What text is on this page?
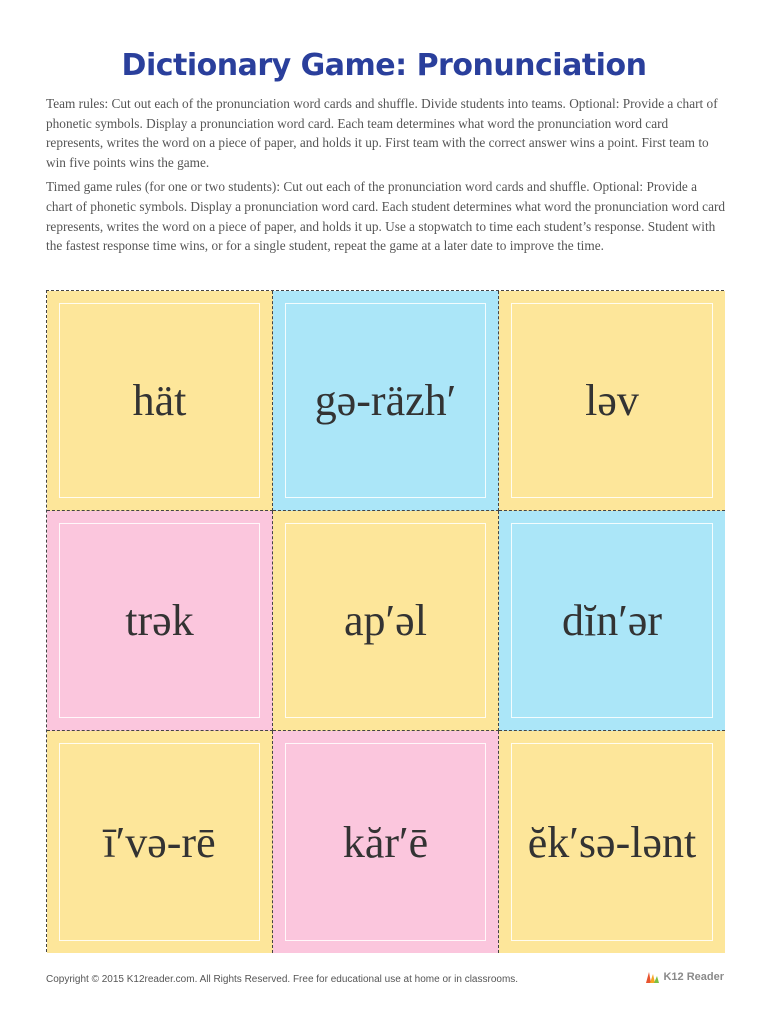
Dictionary Game: Pronunciation

Team rules: Cut out each of the pronunciation word cards and shuffle. Divide students into teams. Optional: Provide a chart of phonetic symbols. Display a pronunciation word card. Each team determines what word the pronunciation word card represents, writes the word on a piece of paper, and holds it up. First team with the correct answer wins a point. First team to win five points wins the game.

Timed game rules (for one or two students): Cut out each of the pronunciation word cards and shuffle. Optional: Provide a chart of phonetic symbols. Display a pronunciation word card. Each student determines what word the pronunciation word card represents, writes the word on a piece of paper, and holds it up. Use a stopwatch to time each student’s response. Student with the fastest response time wins, or for a single student, repeat the game at a later date to improve the time.

hät	gə-räzh′	ləv
trək	ap′əl	dĭn′ər
ī′və-rē	kăr′ē ĕk′sə-lənt
Copyright © 2015 K12reader.com. All Rights Reserved. Free for educational use at home or in classrooms.	K12 Reader
